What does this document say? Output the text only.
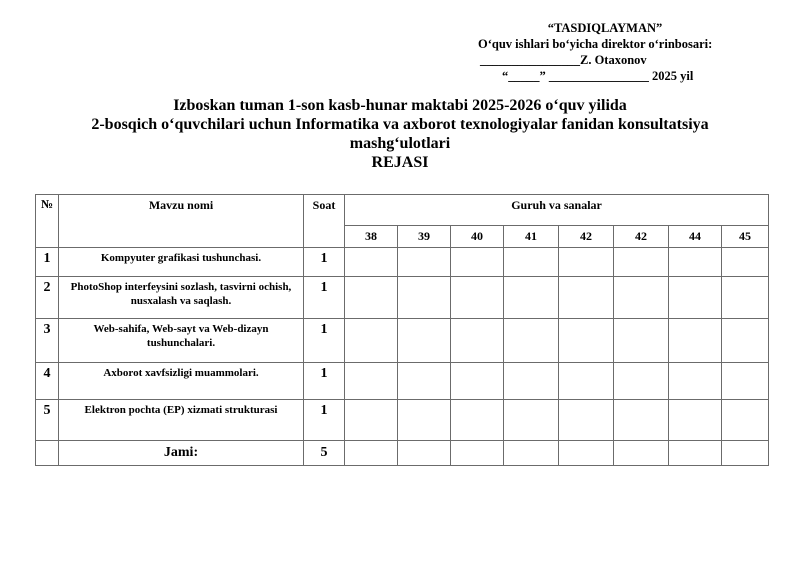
“TASDIQLAYMAN”
O‘quv ishlari bo‘yicha direktor o‘rinbosari:
________________Z. Otaxonov
“_____” ________________ 2025 yil
Izboskan tuman 1-son kasb-hunar maktabi 2025-2026 o‘quv yilida
2-bosqich o‘quvchilari uchun Informatika va axborot texnologiyalar fanidan konsultatsiya
mashg‘ulotlari
REJASI
№	Mavzu nomi	Soat	Guruh va sanalar							
			38	39	40	41	42	42	44	45
1	Kompyuter grafikasi tushunchasi.	1								
2	PhotoShop interfeysini sozlash, tasvirni ochish, nusxalash va saqlash.	1								
3	Web-sahifa, Web-sayt va Web-dizayn tushunchalari.	1								
4	Axborot xavfsizligi muammolari.	1								
5	Elektron pochta (EP) xizmati strukturasi	1								
	Jami:	5								
